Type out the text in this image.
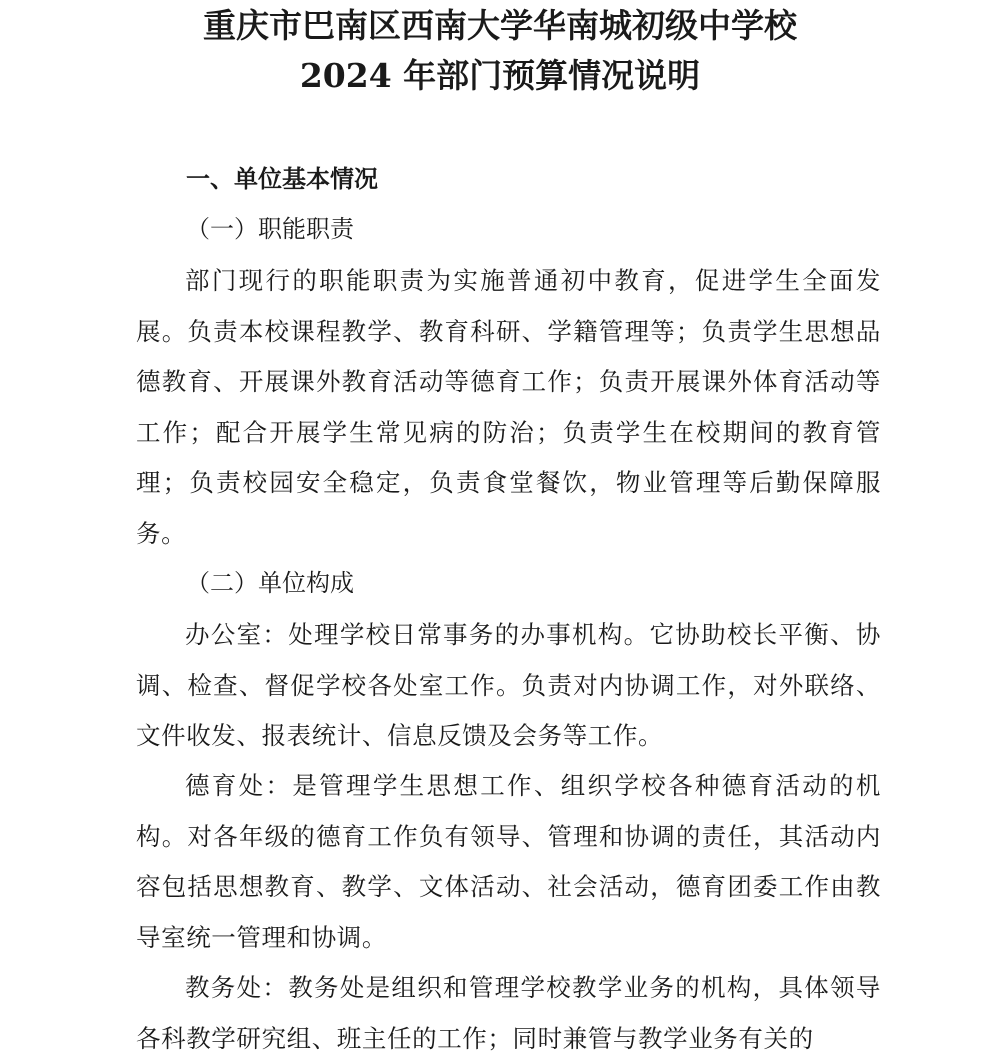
重庆市巴南区西南大学华南城初级中学校
2024 年部门预算情况说明
一、单位基本情况
（一）职能职责

部门现行的职能职责为实施普通初中教育，促进学生全面发展。负责本校课程教学、教育科研、学籍管理等；负责学生思想品德教育、开展课外教育活动等德育工作；负责开展课外体育活动等工作；配合开展学生常见病的防治；负责学生在校期间的教育管理；负责校园安全稳定，负责食堂餐饮，物业管理等后勤保障服务。

（二）单位构成

办公室：处理学校日常事务的办事机构。它协助校长平衡、协调、检查、督促学校各处室工作。负责对内协调工作，对外联络、文件收发、报表统计、信息反馈及会务等工作。

德育处：是管理学生思想工作、组织学校各种德育活动的机构。对各年级的德育工作负有领导、管理和协调的责任，其活动内容包括思想教育、教学、文体活动、社会活动，德育团委工作由教导室统一管理和协调。

教务处：教务处是组织和管理学校教学业务的机构，具体领导各科教学研究组、班主任的工作；同时兼管与教学业务有关的
